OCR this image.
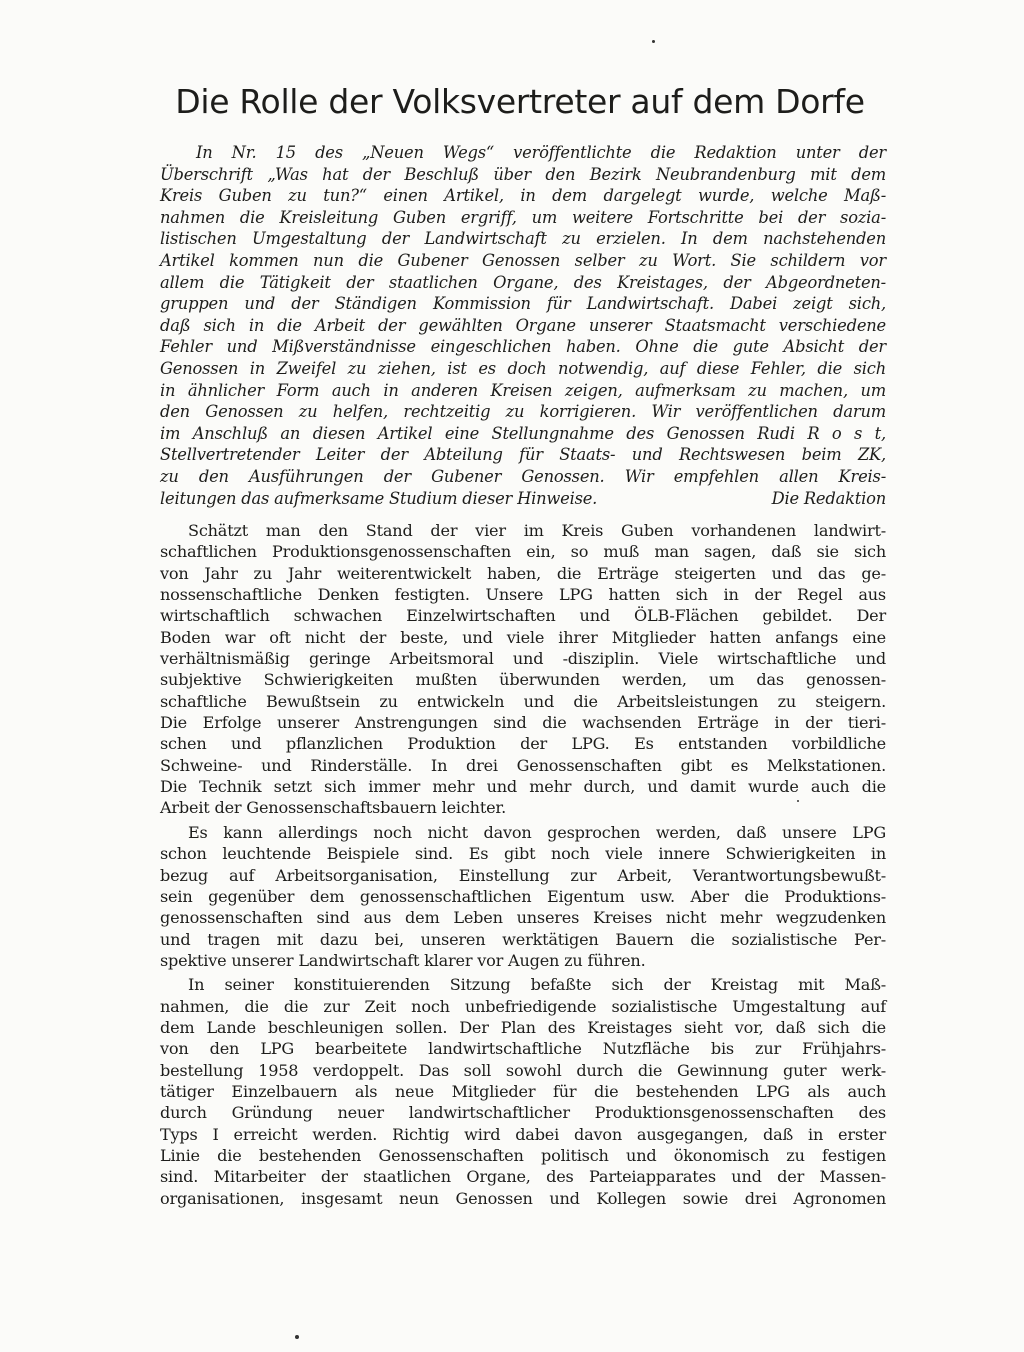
Die Rolle der Volksvertreter auf dem Dorfe
In Nr. 15 des „Neuen Wegs“ veröffentlichte die Redaktion unter der
Überschrift „Was hat der Beschluß über den Bezirk Neubrandenburg mit dem
Kreis Guben zu tun?“ einen Artikel, in dem dargelegt wurde, welche Maß-
nahmen die Kreisleitung Guben ergriff, um weitere Fortschritte bei der sozia-
listischen Umgestaltung der Landwirtschaft zu erzielen. In dem nachstehenden
Artikel kommen nun die Gubener Genossen selber zu Wort. Sie schildern vor
allem die Tätigkeit der staatlichen Organe, des Kreistages, der Abgeordneten-
gruppen und der Ständigen Kommission für Landwirtschaft. Dabei zeigt sich,
daß sich in die Arbeit der gewählten Organe unserer Staatsmacht verschiedene
Fehler und Mißverständnisse eingeschlichen haben. Ohne die gute Absicht der
Genossen in Zweifel zu ziehen, ist es doch notwendig, auf diese Fehler, die sich
in ähnlicher Form auch in anderen Kreisen zeigen, aufmerksam zu machen, um
den Genossen zu helfen, rechtzeitig zu korrigieren. Wir veröffentlichen darum
im Anschluß an diesen Artikel eine Stellungnahme des Genossen Rudi R o s t,
Stellvertretender Leiter der Abteilung für Staats- und Rechtswesen beim ZK,
zu den Ausführungen der Gubener Genossen. Wir empfehlen allen Kreis-
leitungen das aufmerksame Studium dieser Hinweise.	Die Redaktion
Schätzt man den Stand der vier im Kreis Guben vorhandenen landwirt-
schaftlichen Produktionsgenossenschaften ein, so muß man sagen, daß sie sich
von Jahr zu Jahr weiterentwickelt haben, die Erträge steigerten und das ge-
nossenschaftliche Denken festigten. Unsere LPG hatten sich in der Regel aus
wirtschaftlich schwachen Einzelwirtschaften und ÖLB-Flächen gebildet. Der
Boden war oft nicht der beste, und viele ihrer Mitglieder hatten anfangs eine
verhältnismäßig geringe Arbeitsmoral und -disziplin. Viele wirtschaftliche und
subjektive Schwierigkeiten mußten überwunden werden, um das genossen-
schaftliche Bewußtsein zu entwickeln und die Arbeitsleistungen zu steigern.
Die Erfolge unserer Anstrengungen sind die wachsenden Erträge in der tieri-
schen und pflanzlichen Produktion der LPG. Es entstanden vorbildliche
Schweine- und Rinderställe. In drei Genossenschaften gibt es Melkstationen.
Die Technik setzt sich immer mehr und mehr durch, und damit wurde auch die
Arbeit der Genossenschaftsbauern leichter.
Es kann allerdings noch nicht davon gesprochen werden, daß unsere LPG
schon leuchtende Beispiele sind. Es gibt noch viele innere Schwierigkeiten in
bezug auf Arbeitsorganisation, Einstellung zur Arbeit, Verantwortungsbewußt-
sein gegenüber dem genossenschaftlichen Eigentum usw. Aber die Produktions-
genossenschaften sind aus dem Leben unseres Kreises nicht mehr wegzudenken
und tragen mit dazu bei, unseren werktätigen Bauern die sozialistische Per-
spektive unserer Landwirtschaft klarer vor Augen zu führen.
In seiner konstituierenden Sitzung befaßte sich der Kreistag mit Maß-
nahmen, die die zur Zeit noch unbefriedigende sozialistische Umgestaltung auf
dem Lande beschleunigen sollen. Der Plan des Kreistages sieht vor, daß sich die
von den LPG bearbeitete landwirtschaftliche Nutzfläche bis zur Frühjahrs-
bestellung 1958 verdoppelt. Das soll sowohl durch die Gewinnung guter werk-
tätiger Einzelbauern als neue Mitglieder für die bestehenden LPG als auch
durch Gründung neuer landwirtschaftlicher Produktionsgenossenschaften des
Typs I erreicht werden. Richtig wird dabei davon ausgegangen, daß in erster
Linie die bestehenden Genossenschaften politisch und ökonomisch zu festigen
sind. Mitarbeiter der staatlichen Organe, des Parteiapparates und der Massen-
organisationen, insgesamt neun Genossen und Kollegen sowie drei Agronomen
